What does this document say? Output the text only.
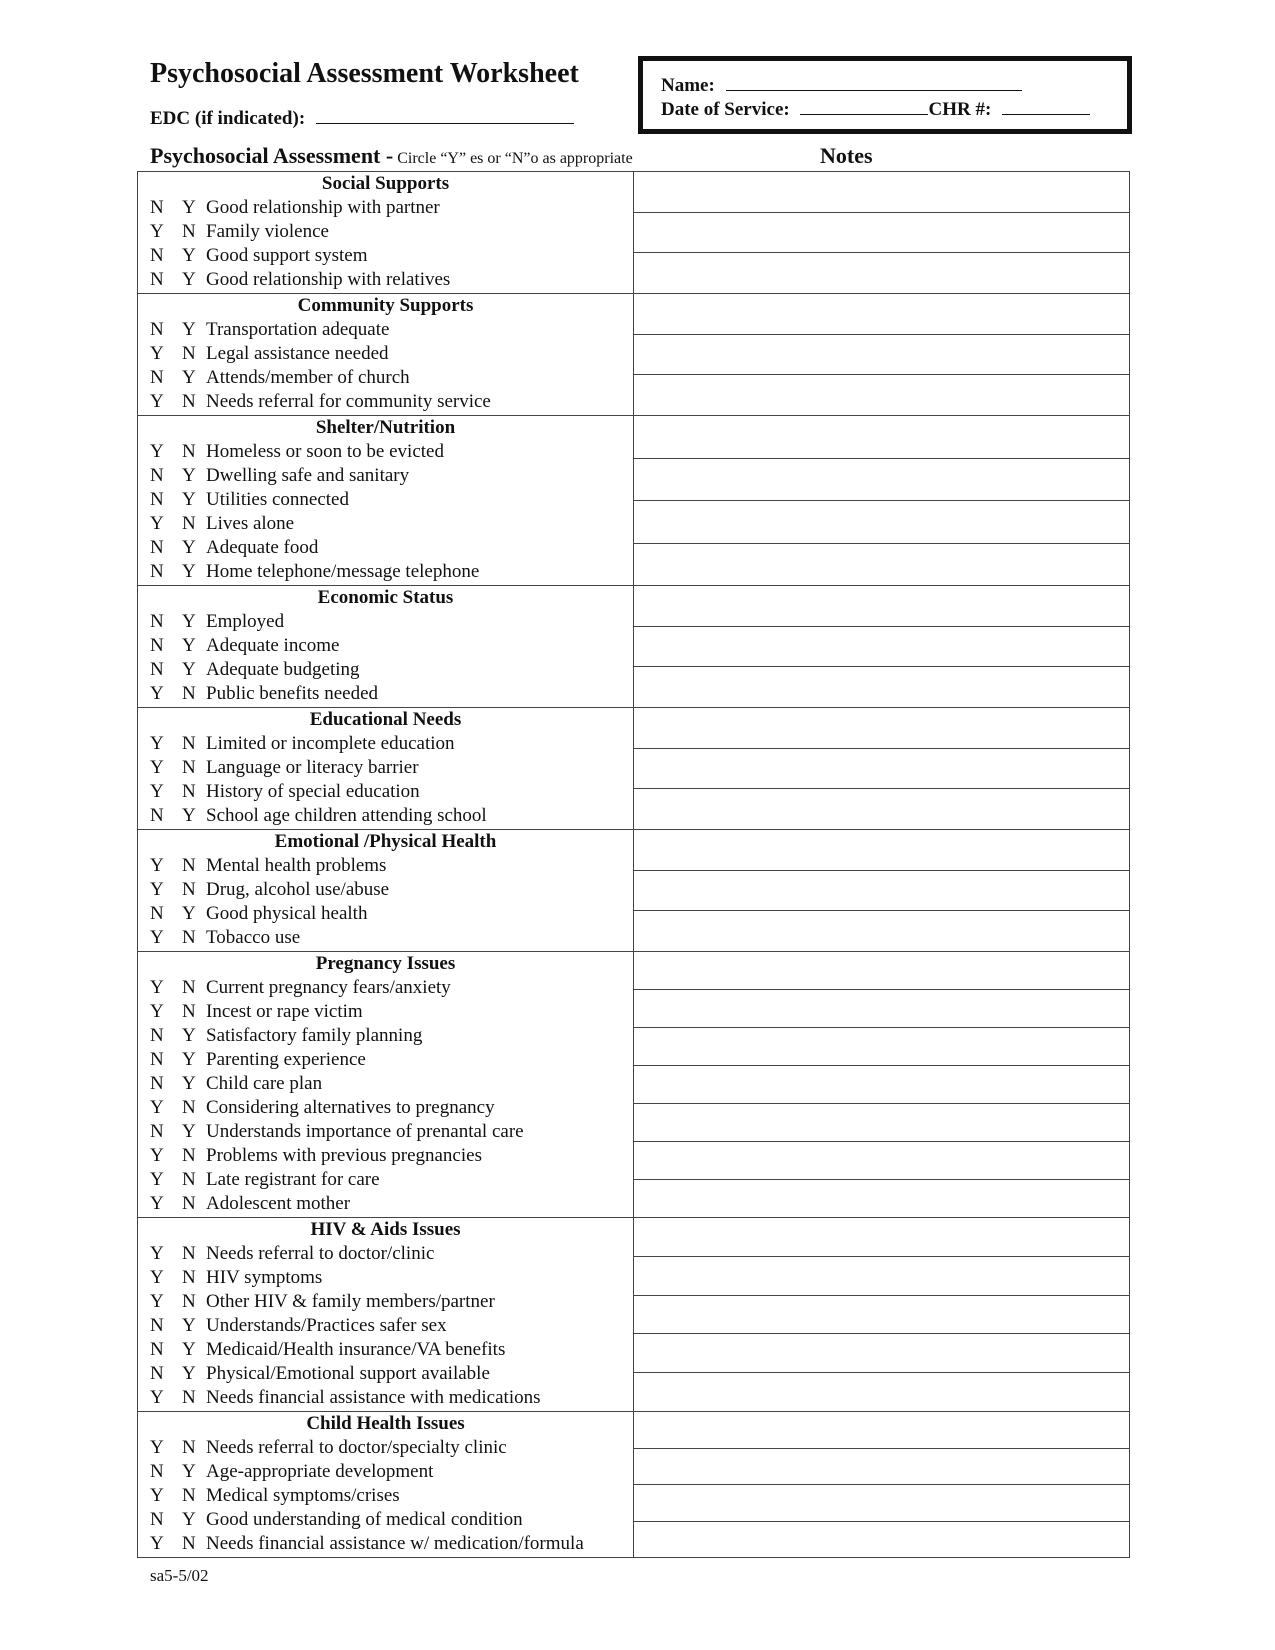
Psychosocial Assessment Worksheet
EDC (if indicated):
Name:
Date of Service:	CHR #:
Psychosocial Assessment - Circle “Y” es or “N”o as appropriate	Notes
Social Supports
N Y Good relationship with partner
Y N Family violence
N Y Good support system
N Y Good relationship with relatives
Community Supports
N Y Transportation adequate
Y N Legal assistance needed
N Y Attends/member of church
Y N Needs referral for community service
Shelter/Nutrition
Y N Homeless or soon to be evicted
N Y Dwelling safe and sanitary
N Y Utilities connected
Y N Lives alone
N Y Adequate food
N Y Home telephone/message telephone
Economic Status
N Y Employed
N Y Adequate income
N Y Adequate budgeting
Y N Public benefits needed
Educational Needs
Y N Limited or incomplete education
Y N Language or literacy barrier
Y N History of special education
N Y School age children attending school
Emotional /Physical Health
Y N Mental health problems
Y N Drug, alcohol use/abuse
N Y Good physical health
Y N Tobacco use
Pregnancy Issues
Y N Current pregnancy fears/anxiety
Y N Incest or rape victim
N Y Satisfactory family planning
N Y Parenting experience
N Y Child care plan
Y N Considering alternatives to pregnancy
N Y Understands importance of prenantal care
Y N Problems with previous pregnancies
Y N Late registrant for care
Y N Adolescent mother
HIV & Aids Issues
Y N Needs referral to doctor/clinic
Y N HIV symptoms
Y N Other HIV & family members/partner
N Y Understands/Practices safer sex
N Y Medicaid/Health insurance/VA benefits
N Y Physical/Emotional support available
Y N Needs financial assistance with medications
Child Health Issues
Y N Needs referral to doctor/specialty clinic
N Y Age-appropriate development
Y N Medical symptoms/crises
N Y Good understanding of medical condition
Y N Needs financial assistance w/ medication/formula
sa5-5/02
